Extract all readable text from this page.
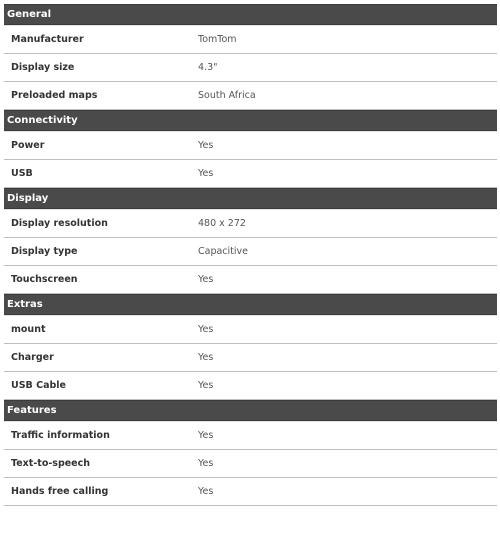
General
Manufacturer	TomTom
Display size	4.3"
Preloaded maps	South Africa
Connectivity
Power	Yes
USB	Yes
Display
Display resolution	480 x 272
Display type	Capacitive
Touchscreen	Yes
Extras
mount	Yes
Charger	Yes
USB Cable	Yes
Features
Traffic information	Yes
Text-to-speech	Yes
Hands free calling	Yes
